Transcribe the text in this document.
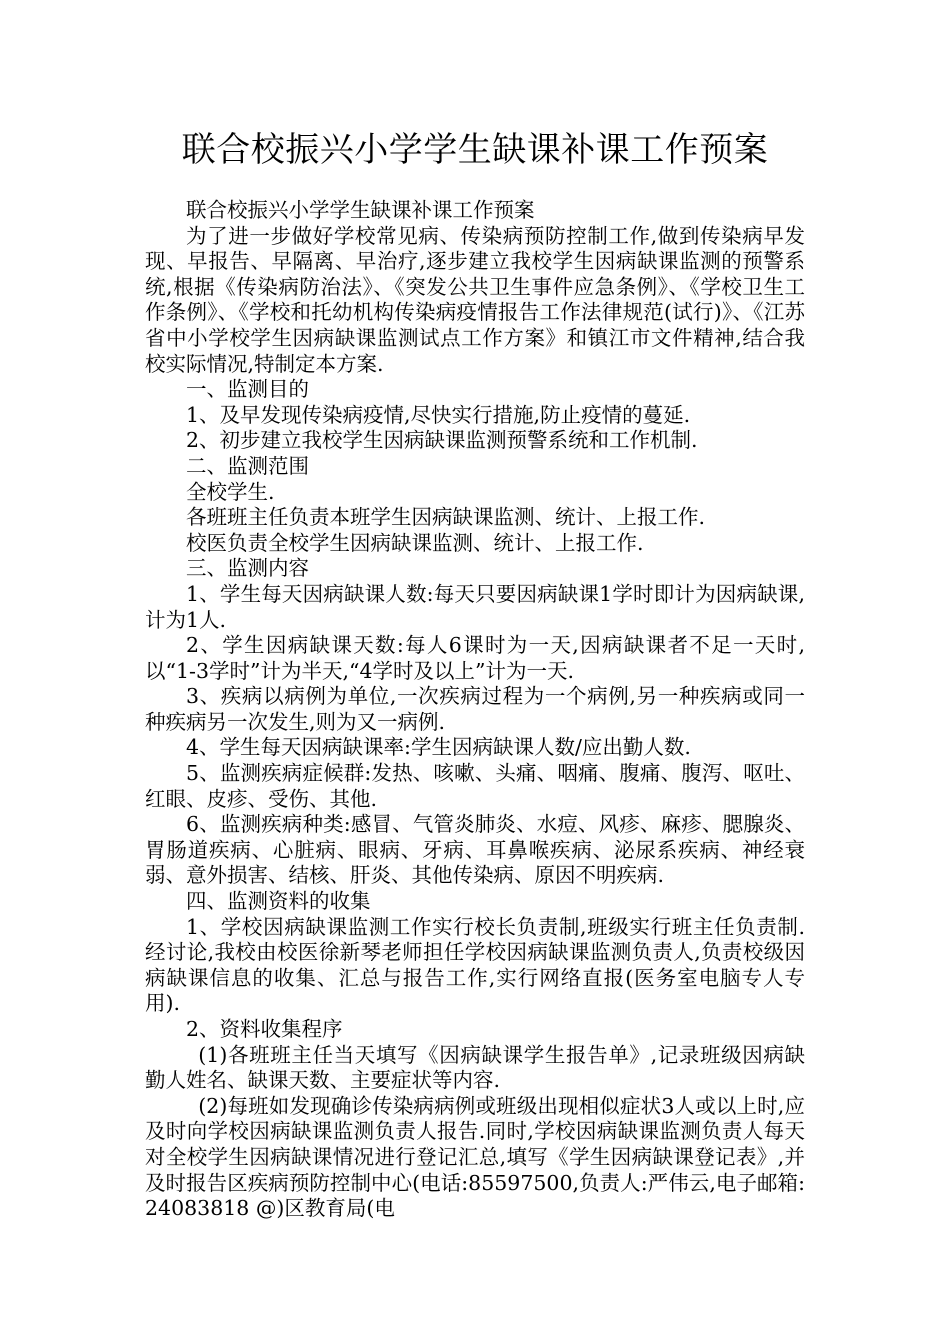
联合校振兴小学学生缺课补课工作预案

联合校振兴小学学生缺课补课工作预案

为了进一步做好学校常见病、传染病预防控制工作,做到传染病早发现、早报告、早隔离、早治疗,逐步建立我校学生因病缺课监测的预警系统,根据《传染病防治法》、《突发公共卫生事件应急条例》、《学校卫生工作条例》、《学校和托幼机构传染病疫情报告工作法律规范(试行)》、《江苏省中小学校学生因病缺课监测试点工作方案》和镇江市文件精神,结合我校实际情况,特制定本方案.

一、监测目的

1、及早发现传染病疫情,尽快实行措施,防止疫情的蔓延.

2、初步建立我校学生因病缺课监测预警系统和工作机制.

二、监测范围

全校学生.

各班班主任负责本班学生因病缺课监测、统计、上报工作.

校医负责全校学生因病缺课监测、统计、上报工作.

三、监测内容

1、学生每天因病缺课人数:每天只要因病缺课1学时即计为因病缺课,计为1人.

2、学生因病缺课天数:每人6课时为一天,因病缺课者不足一天时,以“1-3学时”计为半天,“4学时及以上”计为一天.

3、疾病以病例为单位,一次疾病过程为一个病例,另一种疾病或同一种疾病另一次发生,则为又一病例.

4、学生每天因病缺课率:学生因病缺课人数/应出勤人数.

5、监测疾病症候群:发热、咳嗽、头痛、咽痛、腹痛、腹泻、呕吐、红眼、皮疹、受伤、其他.

6、监测疾病种类:感冒、气管炎肺炎、水痘、风疹、麻疹、腮腺炎、胃肠道疾病、心脏病、眼病、牙病、耳鼻喉疾病、泌尿系疾病、神经衰弱、意外损害、结核、肝炎、其他传染病、原因不明疾病.

四、监测资料的收集

1、学校因病缺课监测工作实行校长负责制,班级实行班主任负责制.经讨论,我校由校医徐新琴老师担任学校因病缺课监测负责人,负责校级因病缺课信息的收集、汇总与报告工作,实行网络直报(医务室电脑专人专用).

2、资料收集程序

(1)各班班主任当天填写《因病缺课学生报告单》,记录班级因病缺勤人姓名、缺课天数、主要症状等内容.

(2)每班如发现确诊传染病病例或班级出现相似症状3人或以上时,应及时向学校因病缺课监测负责人报告.同时,学校因病缺课监测负责人每天对全校学生因病缺课情况进行登记汇总,填写《学生因病缺课登记表》,并及时报告区疾病预防控制中心(电话:85597500,负责人:严伟云,电子邮箱:24083818 @)区教育局(电
